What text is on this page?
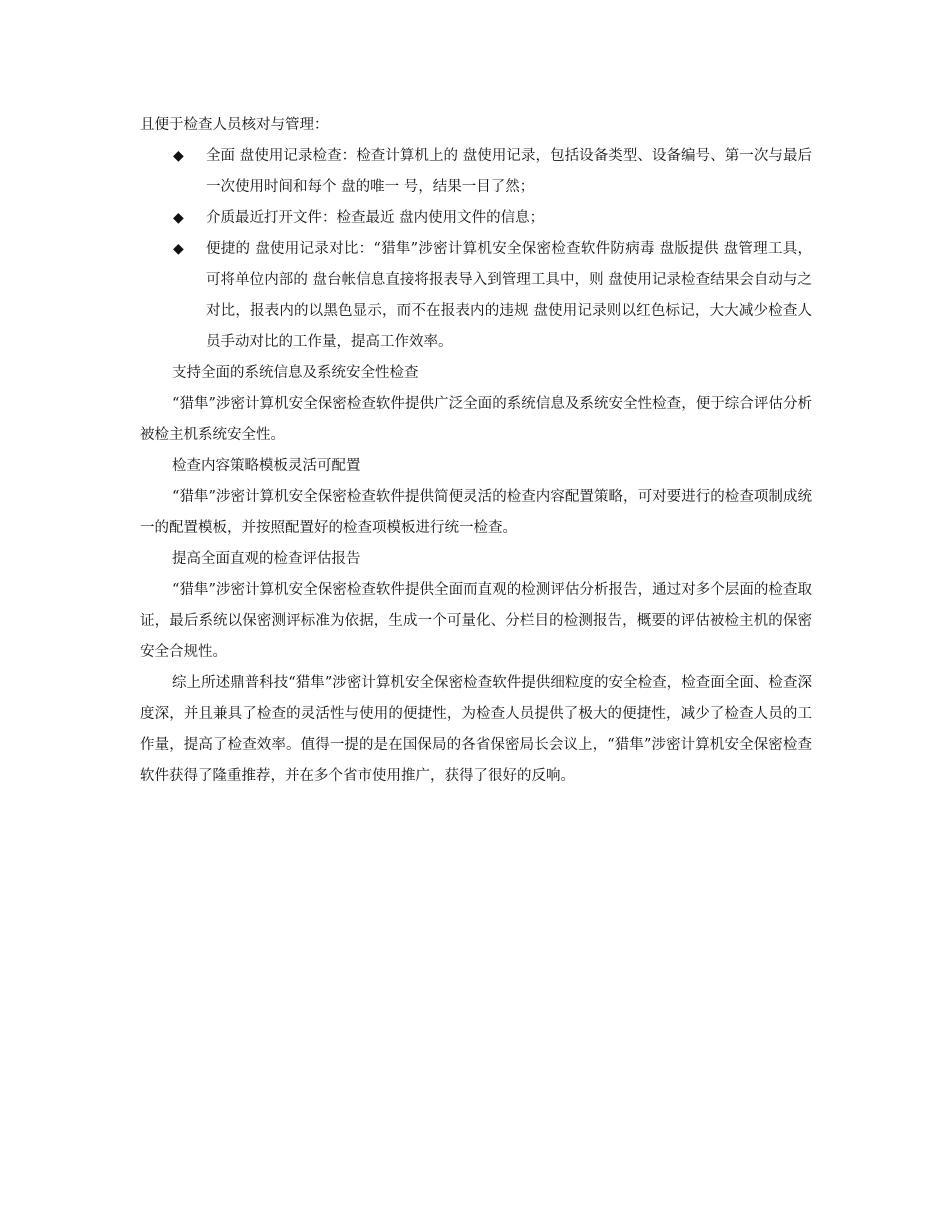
且便于检查人员核对与管理：

◆ 全面 盘使用记录检查：检查计算机上的 盘使用记录，包括设备类型、设备编号、第一次与最后一次使用时间和每个 盘的唯一 号，结果一目了然；
◆ 介质最近打开文件：检查最近 盘内使用文件的信息；
◆ 便捷的 盘使用记录对比：“猎隼”涉密计算机安全保密检查软件防病毒 盘版提供 盘管理工具，可将单位内部的 盘台帐信息直接将报表导入到管理工具中，则 盘使用记录检查结果会自动与之对比，报表内的以黑色显示，而不在报表内的违规 盘使用记录则以红色标记，大大减少检查人员手动对比的工作量，提高工作效率。

支持全面的系统信息及系统安全性检查

“猎隼”涉密计算机安全保密检查软件提供广泛全面的系统信息及系统安全性检查，便于综合评估分析被检主机系统安全性。

检查内容策略模板灵活可配置

“猎隼”涉密计算机安全保密检查软件提供简便灵活的检查内容配置策略，可对要进行的检查项制成统一的配置模板，并按照配置好的检查项模板进行统一检查。

提高全面直观的检查评估报告

“猎隼”涉密计算机安全保密检查软件提供全面而直观的检测评估分析报告，通过对多个层面的检查取证，最后系统以保密测评标准为依据，生成一个可量化、分栏目的检测报告，概要的评估被检主机的保密安全合规性。

综上所述鼎普科技“猎隼”涉密计算机安全保密检查软件提供细粒度的安全检查，检查面全面、检查深度深，并且兼具了检查的灵活性与使用的便捷性，为检查人员提供了极大的便捷性，减少了检查人员的工作量，提高了检查效率。值得一提的是在国保局的各省保密局长会议上，“猎隼”涉密计算机安全保密检查软件获得了隆重推荐，并在多个省市使用推广，获得了很好的反响。
